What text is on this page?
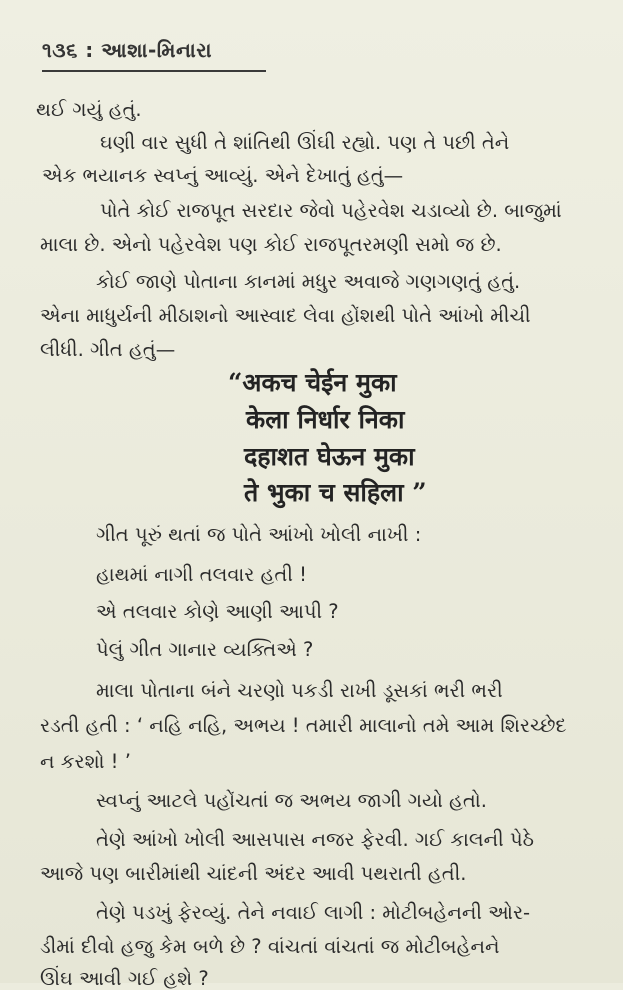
૧૩૬ : આશા-મિનારા
થઈ ગયું હતું.
ઘણી વાર સુધી તે શાંતિથી ઊંઘી રહ્યો. પણ તે પછી તેને
એક ભયાનક સ્વપ્નું આવ્યું. એને દેખાતું હતું—
પોતે કોઈ રાજપૂત સરદાર જેવો પહેરવેશ ચડાવ્યો છે. બાજુમાં
માલા છે. એનો પહેરવેશ પણ કોઈ રાજપૂતરમણી સમો જ છે.
કોઈ જાણે પોતાના કાનમાં મધુર અવાજે ગણગણતું હતું.
એના માધુર્યની મીઠાશનો આસ્વાદ લેવા હોંશથી પોતે આંખો મીચી
લીધી. ગીત હતું—
“अकच चेईन मुका
केला निर्धार निका
दहाशत घेऊन मुका
ते भुका च सहिला ”
ગીત પૂરું થતાં જ પોતે આંખો ખોલી નાખી :
હાથમાં નાગી તલવાર હતી !
એ તલવાર કોણે આણી આપી ?
પેલું ગીત ગાનાર વ્યક્તિએ ?
માલા પોતાના બંને ચરણો પકડી રાખી ડૂસકાં ભરી ભરી
રડતી હતી : ‘ નહિ નહિ, અભય ! તમારી માલાનો તમે આમ શિરચ્છેદ
ન કરશો ! ’
સ્વપ્નું આટલે પહોંચતાં જ અભય જાગી ગયો હતો.
તેણે આંખો ખોલી આસપાસ નજર ફેરવી. ગઈ કાલની પેઠે
આજે પણ બારીમાંથી ચાંદની અંદર આવી પથરાતી હતી.
તેણે પડખું ફેરવ્યું. તેને નવાઈ લાગી : મોટીબહેનની ઓર-
ડીમાં દીવો હજુ કેમ બળે છે ? વાંચતાં વાંચતાં જ મોટીબહેનને
ઊંઘ આવી ગઈ હશે ?
